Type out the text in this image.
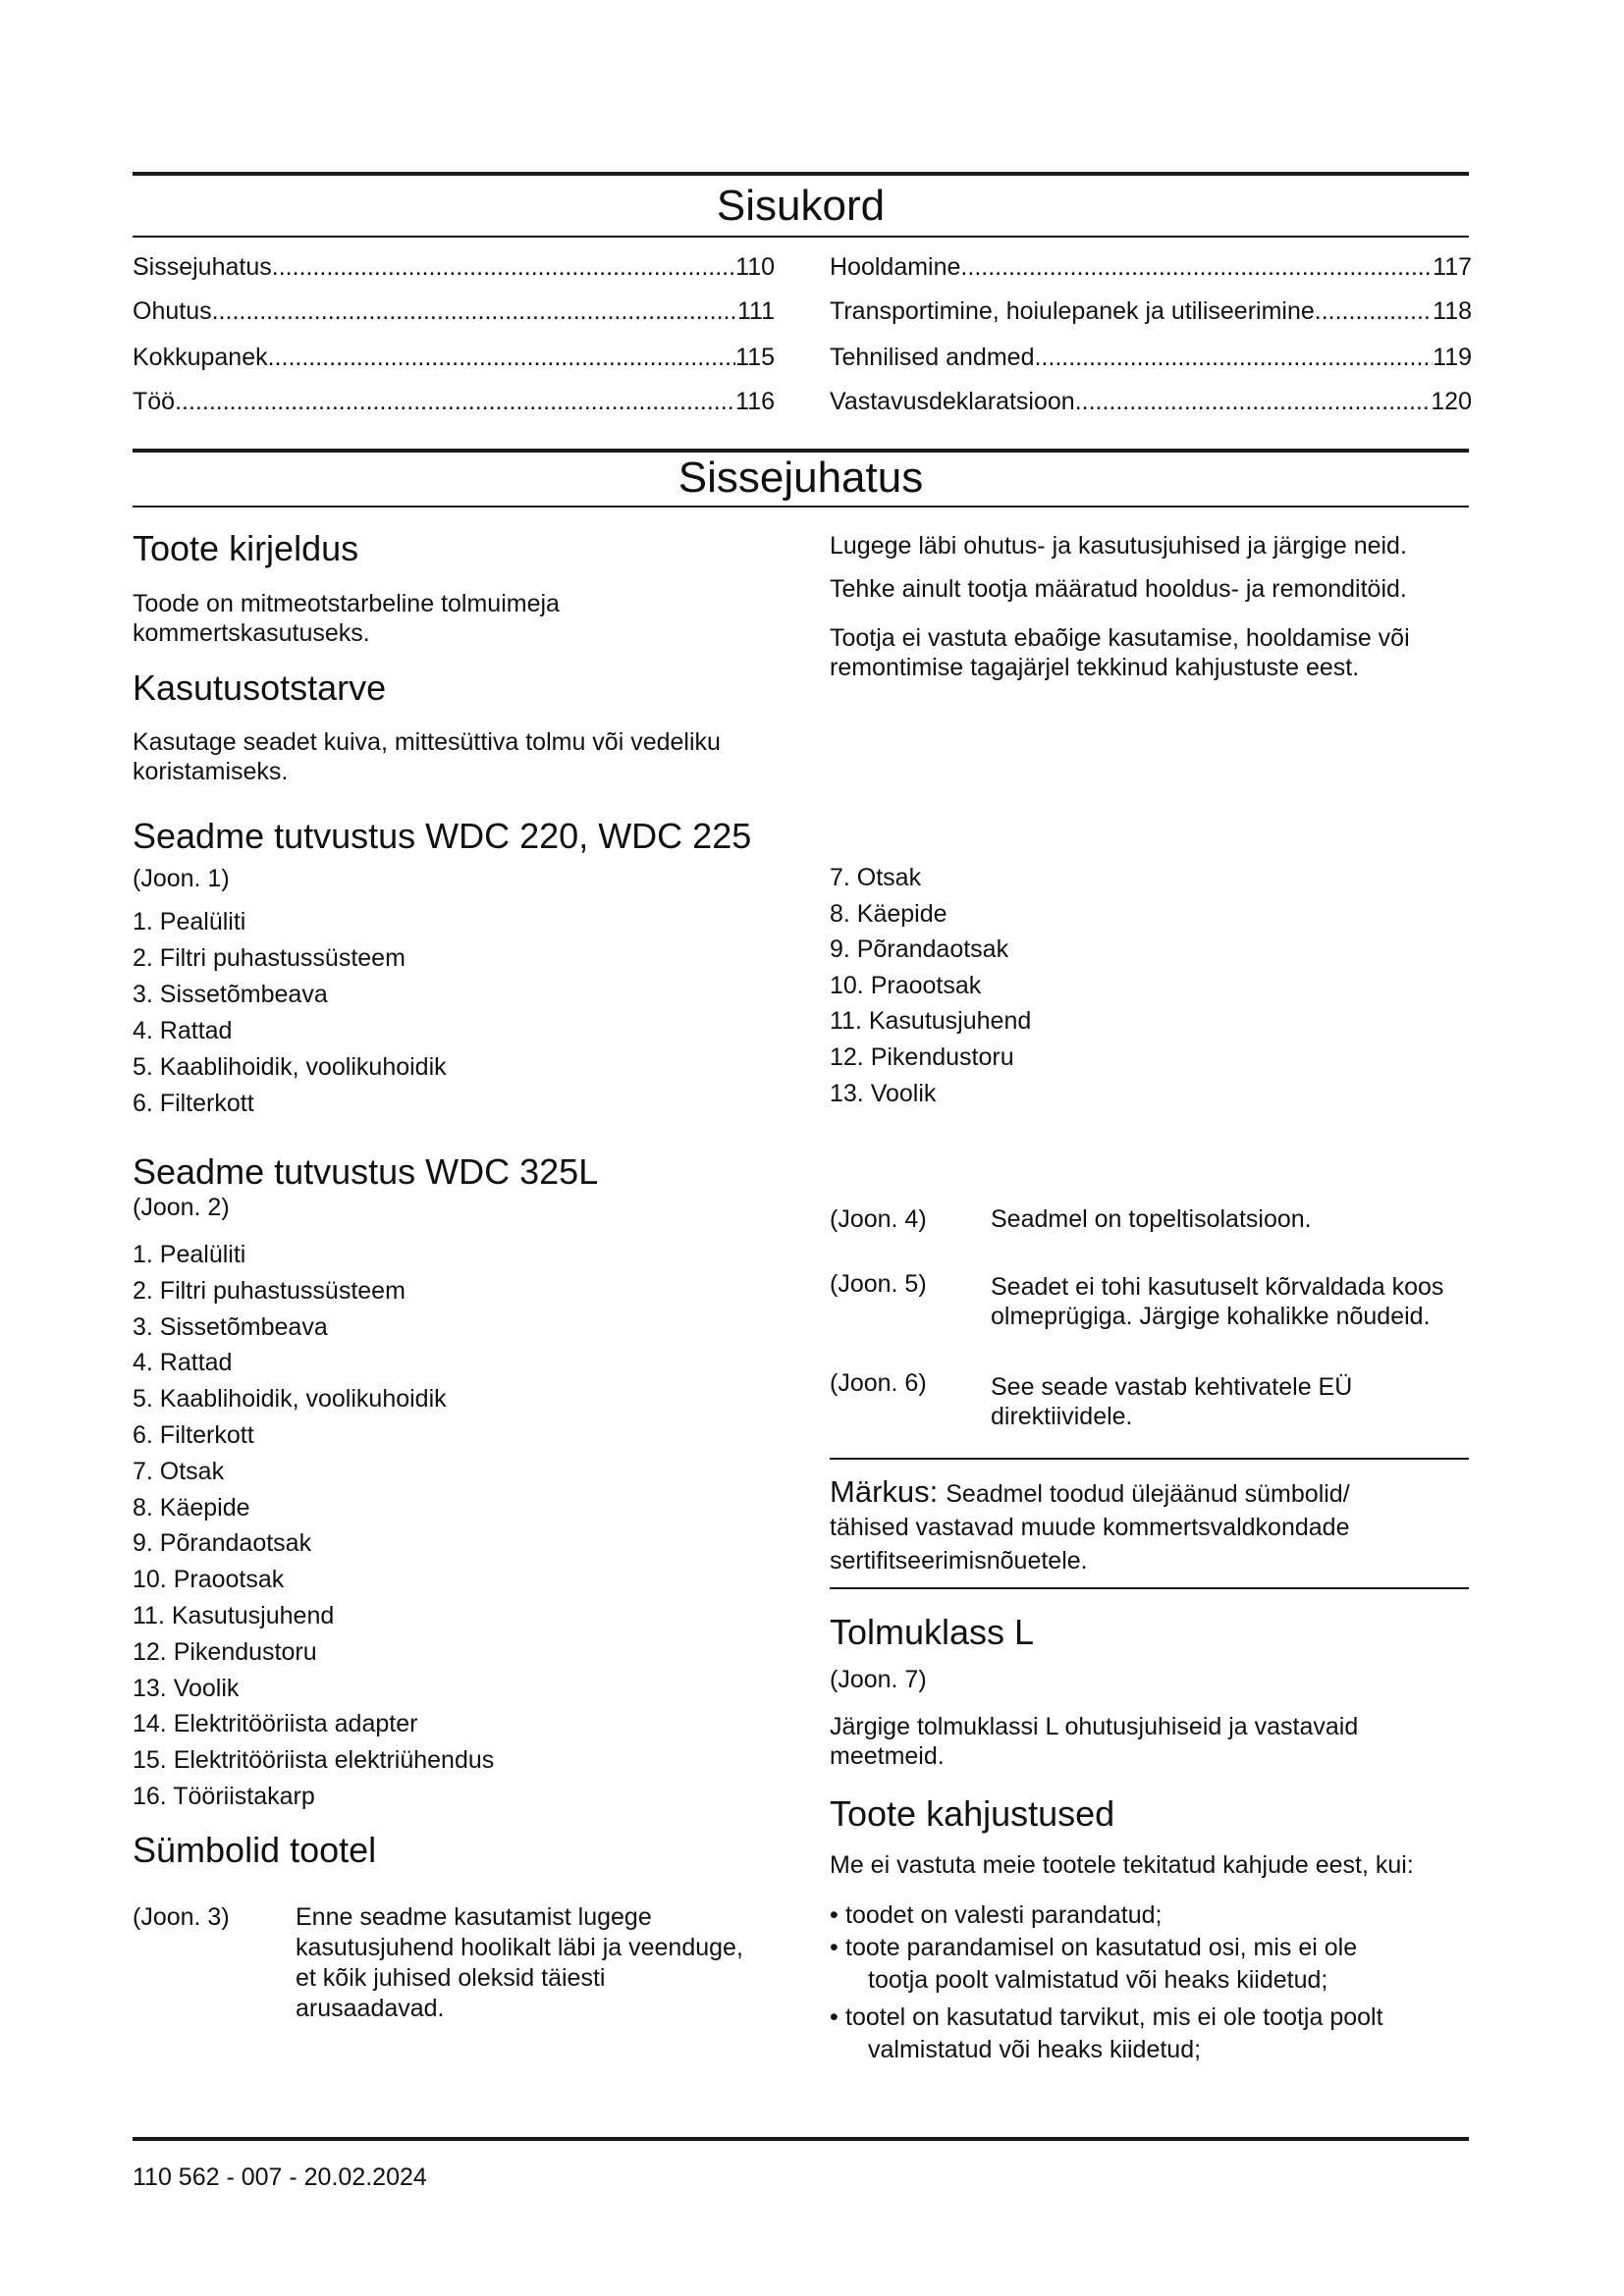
Sisukord
Sissejuhatus .....	110
Ohutus .....	111
Kokkupanek .....	115
Töö .....	116
Hooldamine .....	117
Transportimine, hoiulepanek ja utiliseerimine .....	118
Tehnilised andmed .....	119
Vastavusdeklaratsioon .....	120
Sissejuhatus
Toote kirjeldus
Toode on mitmeotstarbeline tolmuimeja
kommertskasutuseks.
Kasutusotstarve
Kasutage seadet kuiva, mittesüttiva tolmu või vedeliku
koristamiseks.
Seadme tutvustus WDC 220, WDC 225
(Joon. 1)
1. Pealüliti
2. Filtri puhastussüsteem
3. Sissetõmbeava
4. Rattad
5. Kaablihoidik, voolikuhoidik
6. Filterkott
Seadme tutvustus WDC 325L
(Joon. 2)
1. Pealüliti
2. Filtri puhastussüsteem
3. Sissetõmbeava
4. Rattad
5. Kaablihoidik, voolikuhoidik
6. Filterkott
7. Otsak
8. Käepide
9. Põrandaotsak
10. Praootsak
11. Kasutusjuhend
12. Pikendustoru
13. Voolik
14. Elektritööriista adapter
15. Elektritööriista elektriühendus
16. Tööriistakarp
Sümbolid tootel
(Joon. 3)	Enne seadme kasutamist lugege
kasutusjuhend hoolikalt läbi ja veenduge,
et kõik juhised oleksid täiesti
arusaadavad.
Lugege läbi ohutus- ja kasutusjuhised ja järgige neid.
Tehke ainult tootja määratud hooldus- ja remonditöid.
Tootja ei vastuta ebaõige kasutamise, hooldamise või
remontimise tagajärjel tekkinud kahjustuste eest.
7. Otsak
8. Käepide
9. Põrandaotsak
10. Praootsak
11. Kasutusjuhend
12. Pikendustoru
13. Voolik
(Joon. 4)	Seadmel on topeltisolatsioon.
(Joon. 5)	Seadet ei tohi kasutuselt kõrvaldada koos
olmeprügiga. Järgige kohalikke nõudeid.
(Joon. 6)	See seade vastab kehtivatele EÜ
direktiividele.
Märkus: Seadmel toodud ülejäänud sümbolid/
tähised vastavad muude kommertsvaldkondade
sertifitseerimisnõuetele.
Tolmuklass L
(Joon. 7)
Järgige tolmuklassi L ohutusjuhiseid ja vastavaid
meetmeid.
Toote kahjustused
Me ei vastuta meie tootele tekitatud kahjude eest, kui:
• toodet on valesti parandatud;
• toote parandamisel on kasutatud osi, mis ei ole
tootja poolt valmistatud või heaks kiidetud;
• tootel on kasutatud tarvikut, mis ei ole tootja poolt
valmistatud või heaks kiidetud;
110 562 - 007 - 20.02.2024
